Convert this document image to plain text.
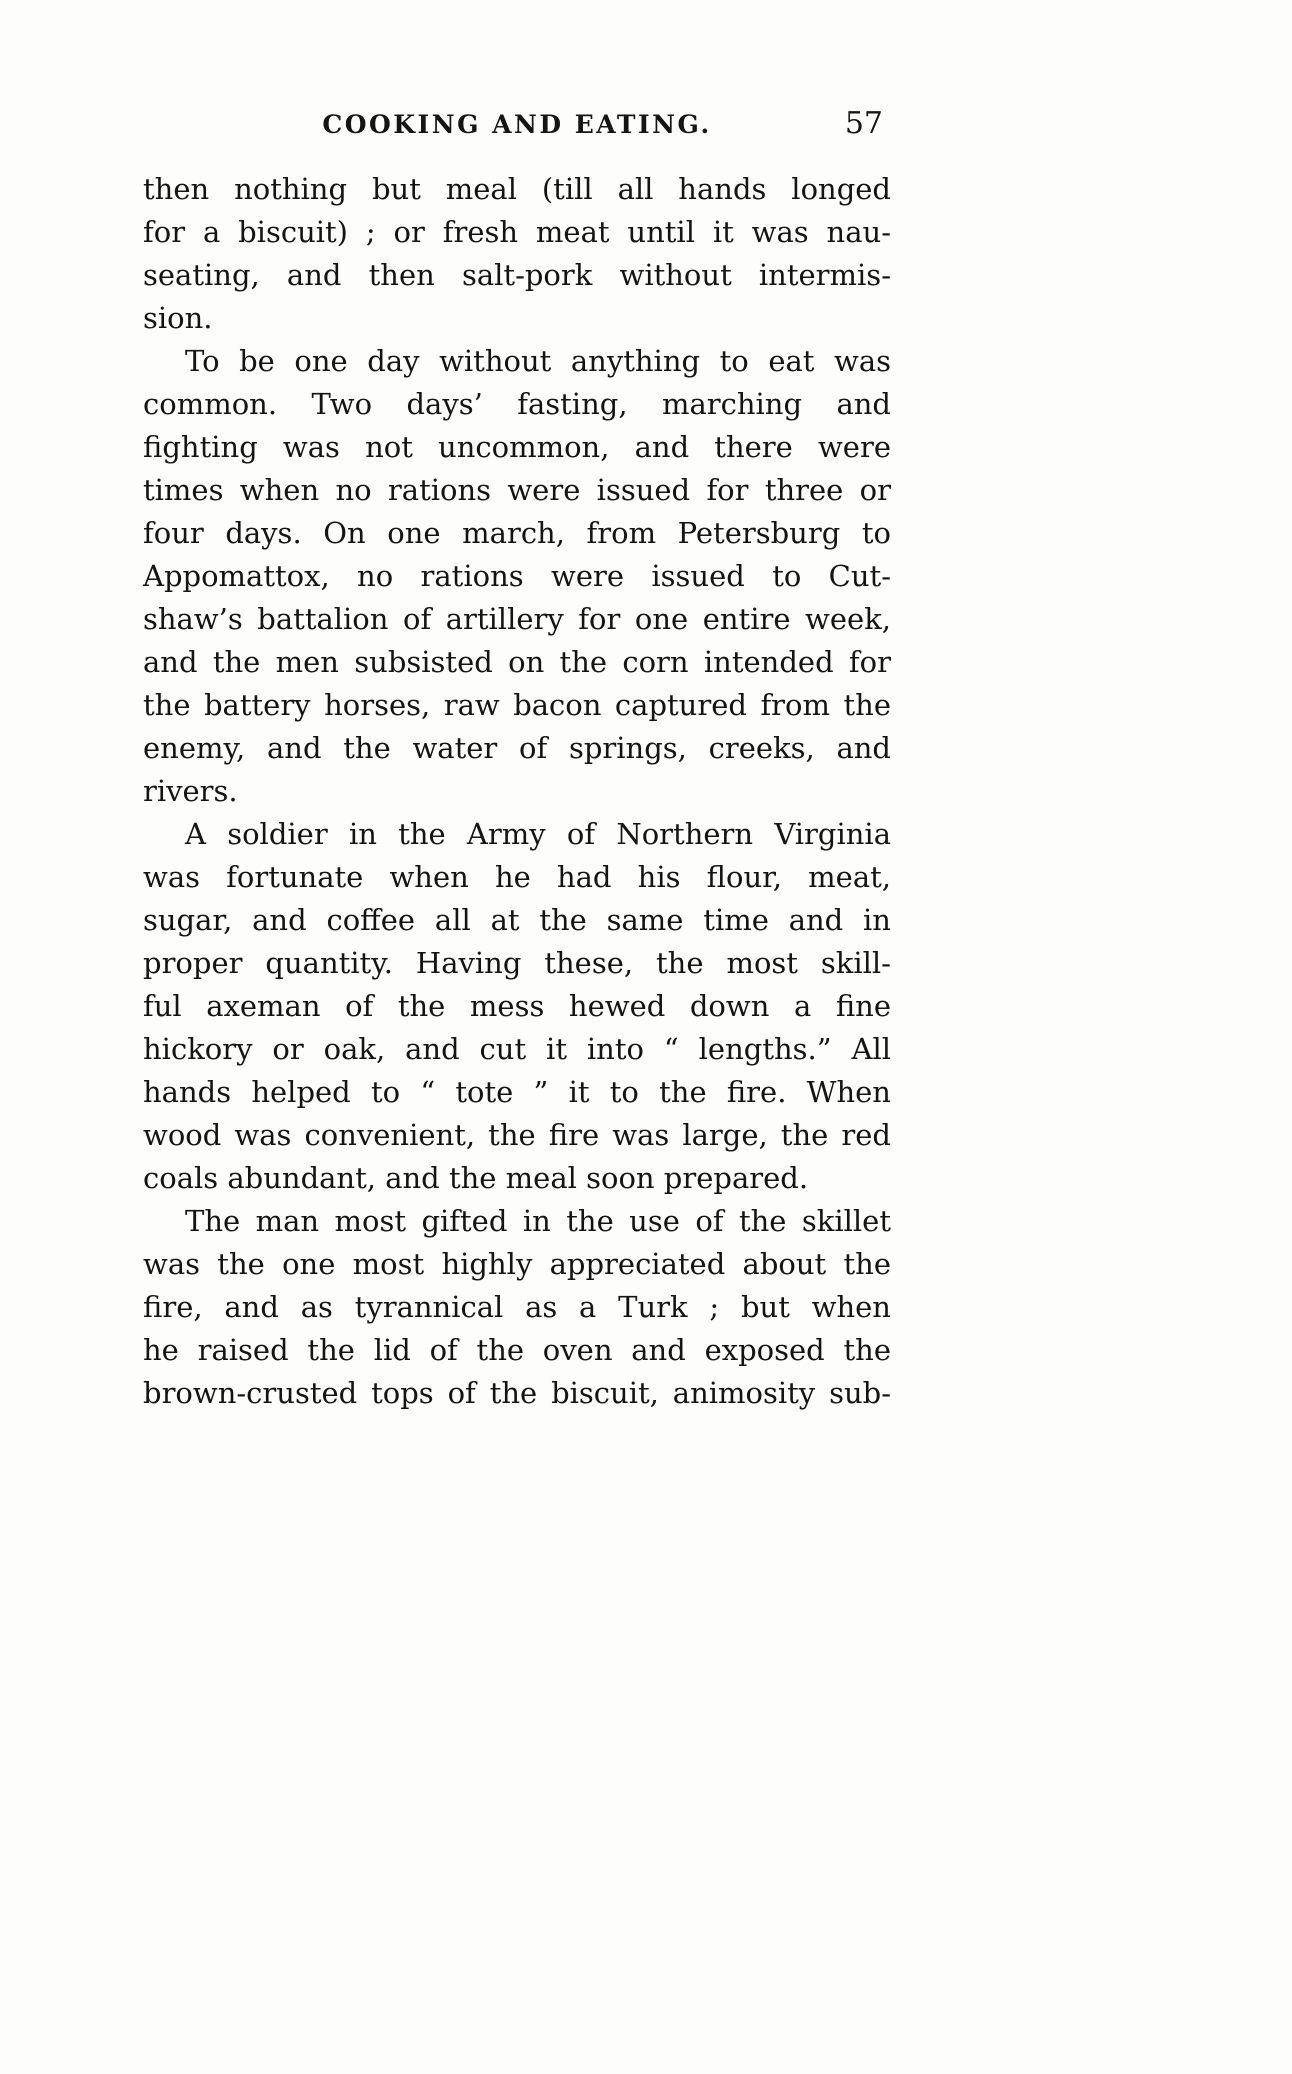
COOKING AND EATING.	57
then nothing but meal (till all hands longed
for a biscuit) ; or fresh meat until it was nau-
seating, and then salt-pork without intermis-
sion.
To be one day without anything to eat was
common. Two days’ fasting, marching and
fighting was not uncommon, and there were
times when no rations were issued for three or
four days. On one march, from Petersburg to
Appomattox, no rations were issued to Cut-
shaw’s battalion of artillery for one entire week,
and the men subsisted on the corn intended for
the battery horses, raw bacon captured from the
enemy, and the water of springs, creeks, and
rivers.
A soldier in the Army of Northern Virginia
was fortunate when he had his flour, meat,
sugar, and coffee all at the same time and in
proper quantity. Having these, the most skill-
ful axeman of the mess hewed down a fine
hickory or oak, and cut it into “ lengths.” All
hands helped to “ tote ” it to the fire. When
wood was convenient, the fire was large, the red
coals abundant, and the meal soon prepared.
The man most gifted in the use of the skillet
was the one most highly appreciated about the
fire, and as tyrannical as a Turk ; but when
he raised the lid of the oven and exposed the
brown-crusted tops of the biscuit, animosity sub-
